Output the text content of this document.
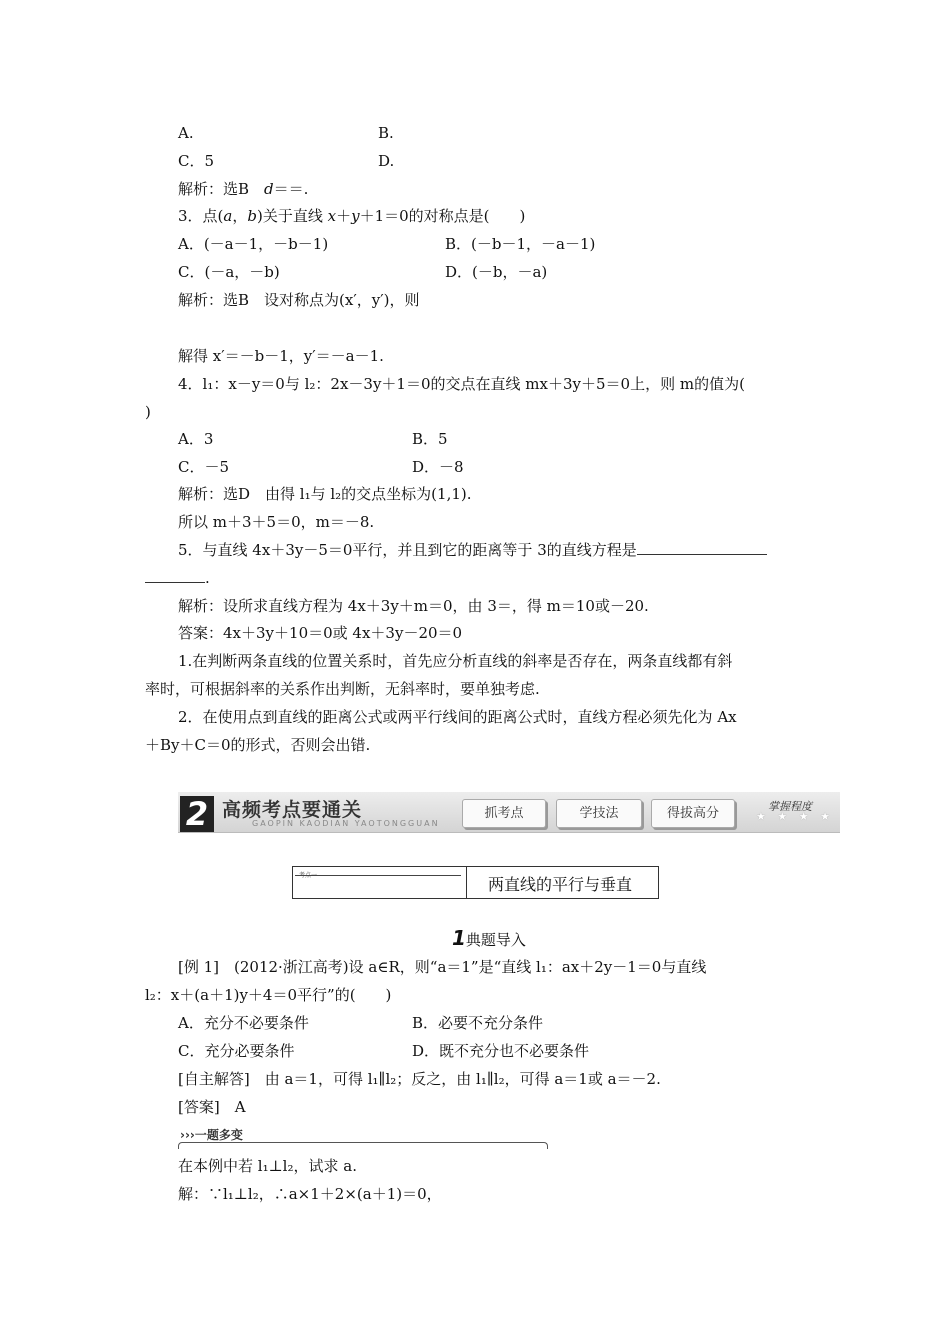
A.	B.
C．5	D.
解析：选B　d＝＝.
3．点(a，b)关于直线 x＋y＋1＝0的对称点是(　　)
A．(－a－1，－b－1)	B．(－b－1，－a－1)
C．(－a，－b)	D．(－b，－a)
解析：选B　设对称点为(x′，y′)，则
解得 x′＝－b－1，y′＝－a－1.
4．l₁：x－y＝0与 l₂：2x－3y＋1＝0的交点在直线 mx＋3y＋5＝0上，则 m的值为(
)
A．3	B．5
C．－5	D．－8
解析：选D　由得 l₁与 l₂的交点坐标为(1,1).
所以 m＋3＋5＝0，m＝－8.
5．与直线 4x＋3y－5＝0平行，并且到它的距离等于 3的直线方程是
.
解析：设所求直线方程为 4x＋3y＋m＝0，由 3＝，得 m＝10或－20.
答案：4x＋3y＋10＝0或 4x＋3y－20＝0
1.在判断两条直线的位置关系时，首先应分析直线的斜率是否存在，两条直线都有斜
率时，可根据斜率的关系作出判断，无斜率时，要单独考虑.
2．在使用点到直线的距离公式或两平行线间的距离公式时，直线方程必须先化为 Ax
＋By＋C＝0的形式，否则会出错.
2 高频考点要通关
GAOPIN KAODIAN YAOTONGGUAN
抓考点	学技法	得拔高分	掌握程度
★ ★ ★ ★
考点一	两直线的平行与垂直
1典题导入
[例 1]　(2012·浙江高考)设 a∈R，则“a＝1”是“直线 l₁：ax＋2y－1＝0与直线
l₂：x＋(a＋1)y＋4＝0平行”的(　　)
A．充分不必要条件	B．必要不充分条件
C．充分必要条件	D．既不充分也不必要条件
[自主解答]　由 a＝1，可得 l₁∥l₂；反之，由 l₁∥l₂，可得 a＝1或 a＝－2.
[答案]　A
›››一题多变
在本例中若 l₁⊥l₂，试求 a.
解：∵l₁⊥l₂，∴a×1＋2×(a＋1)＝0，
